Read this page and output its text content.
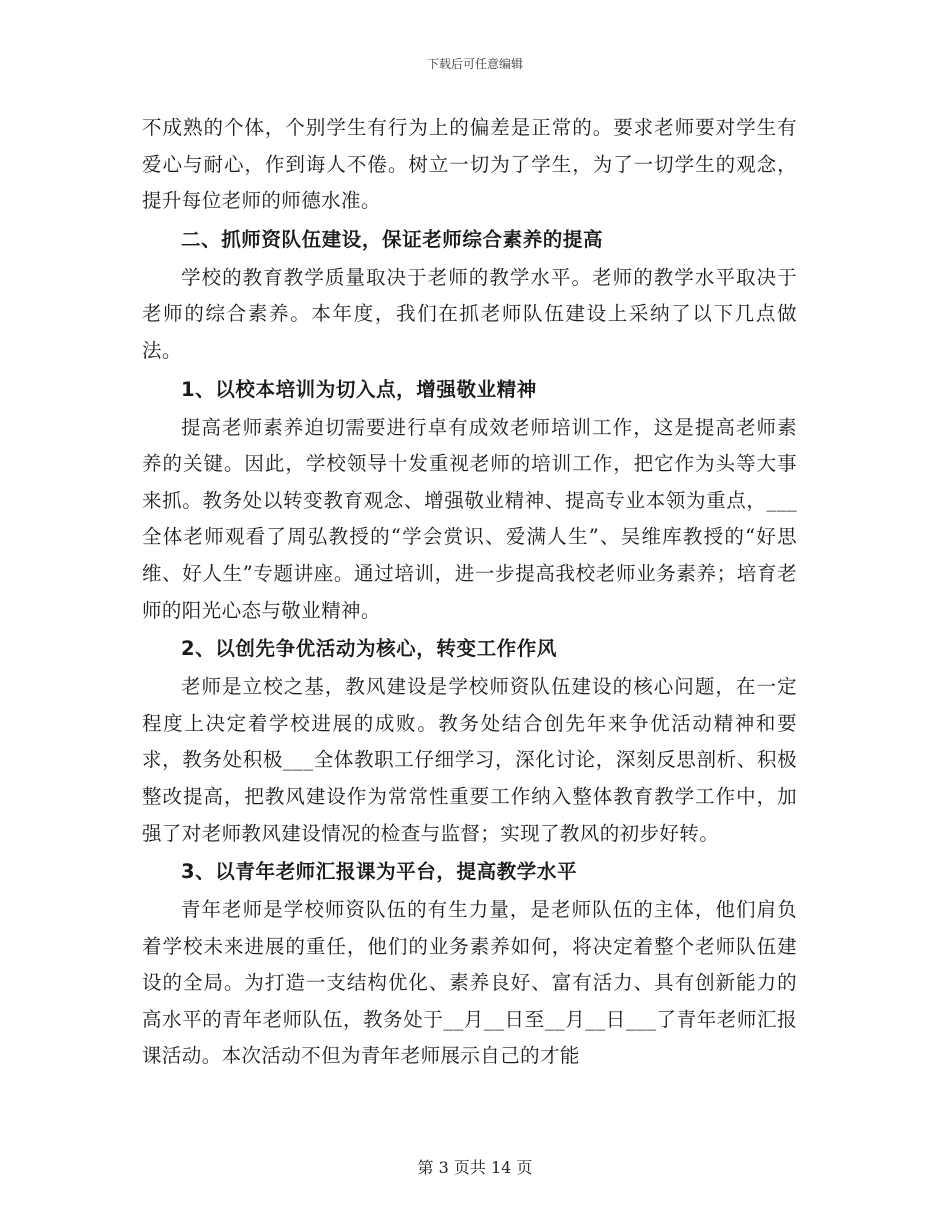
下载后可任意编辑

不成熟的个体，个别学生有行为上的偏差是正常的。要求老师要对学生有爱心与耐心，作到诲人不倦。树立一切为了学生，为了一切学生的观念，提升每位老师的师德水准。

二、抓师资队伍建设，保证老师综合素养的提高

学校的教育教学质量取决于老师的教学水平。老师的教学水平取决于老师的综合素养。本年度，我们在抓老师队伍建设上采纳了以下几点做法。

1、以校本培训为切入点，增强敬业精神

提高老师素养迫切需要进行卓有成效老师培训工作，这是提高老师素养的关键。因此，学校领导十发重视老师的培训工作，把它作为头等大事来抓。教务处以转变教育观念、增强敬业精神、提高专业本领为重点，___全体老师观看了周弘教授的“学会赏识、爱满人生”、吴维库教授的“好思维、好人生”专题讲座。通过培训，进一步提高我校老师业务素养；培育老师的阳光心态与敬业精神。

2、以创先争优活动为核心，转变工作作风

老师是立校之基，教风建设是学校师资队伍建设的核心问题，在一定程度上决定着学校进展的成败。教务处结合创先年来争优活动精神和要求，教务处积极___全体教职工仔细学习，深化讨论，深刻反思剖析、积极整改提高，把教风建设作为常常性重要工作纳入整体教育教学工作中，加强了对老师教风建设情况的检查与监督；实现了教风的初步好转。

3、以青年老师汇报课为平台，提高教学水平

青年老师是学校师资队伍的有生力量，是老师队伍的主体，他们肩负着学校未来进展的重任，他们的业务素养如何，将决定着整个老师队伍建设的全局。为打造一支结构优化、素养良好、富有活力、具有创新能力的高水平的青年老师队伍，教务处于__月__日至__月__日___了青年老师汇报课活动。本次活动不但为青年老师展示自己的才能

第 3 页共 14 页
